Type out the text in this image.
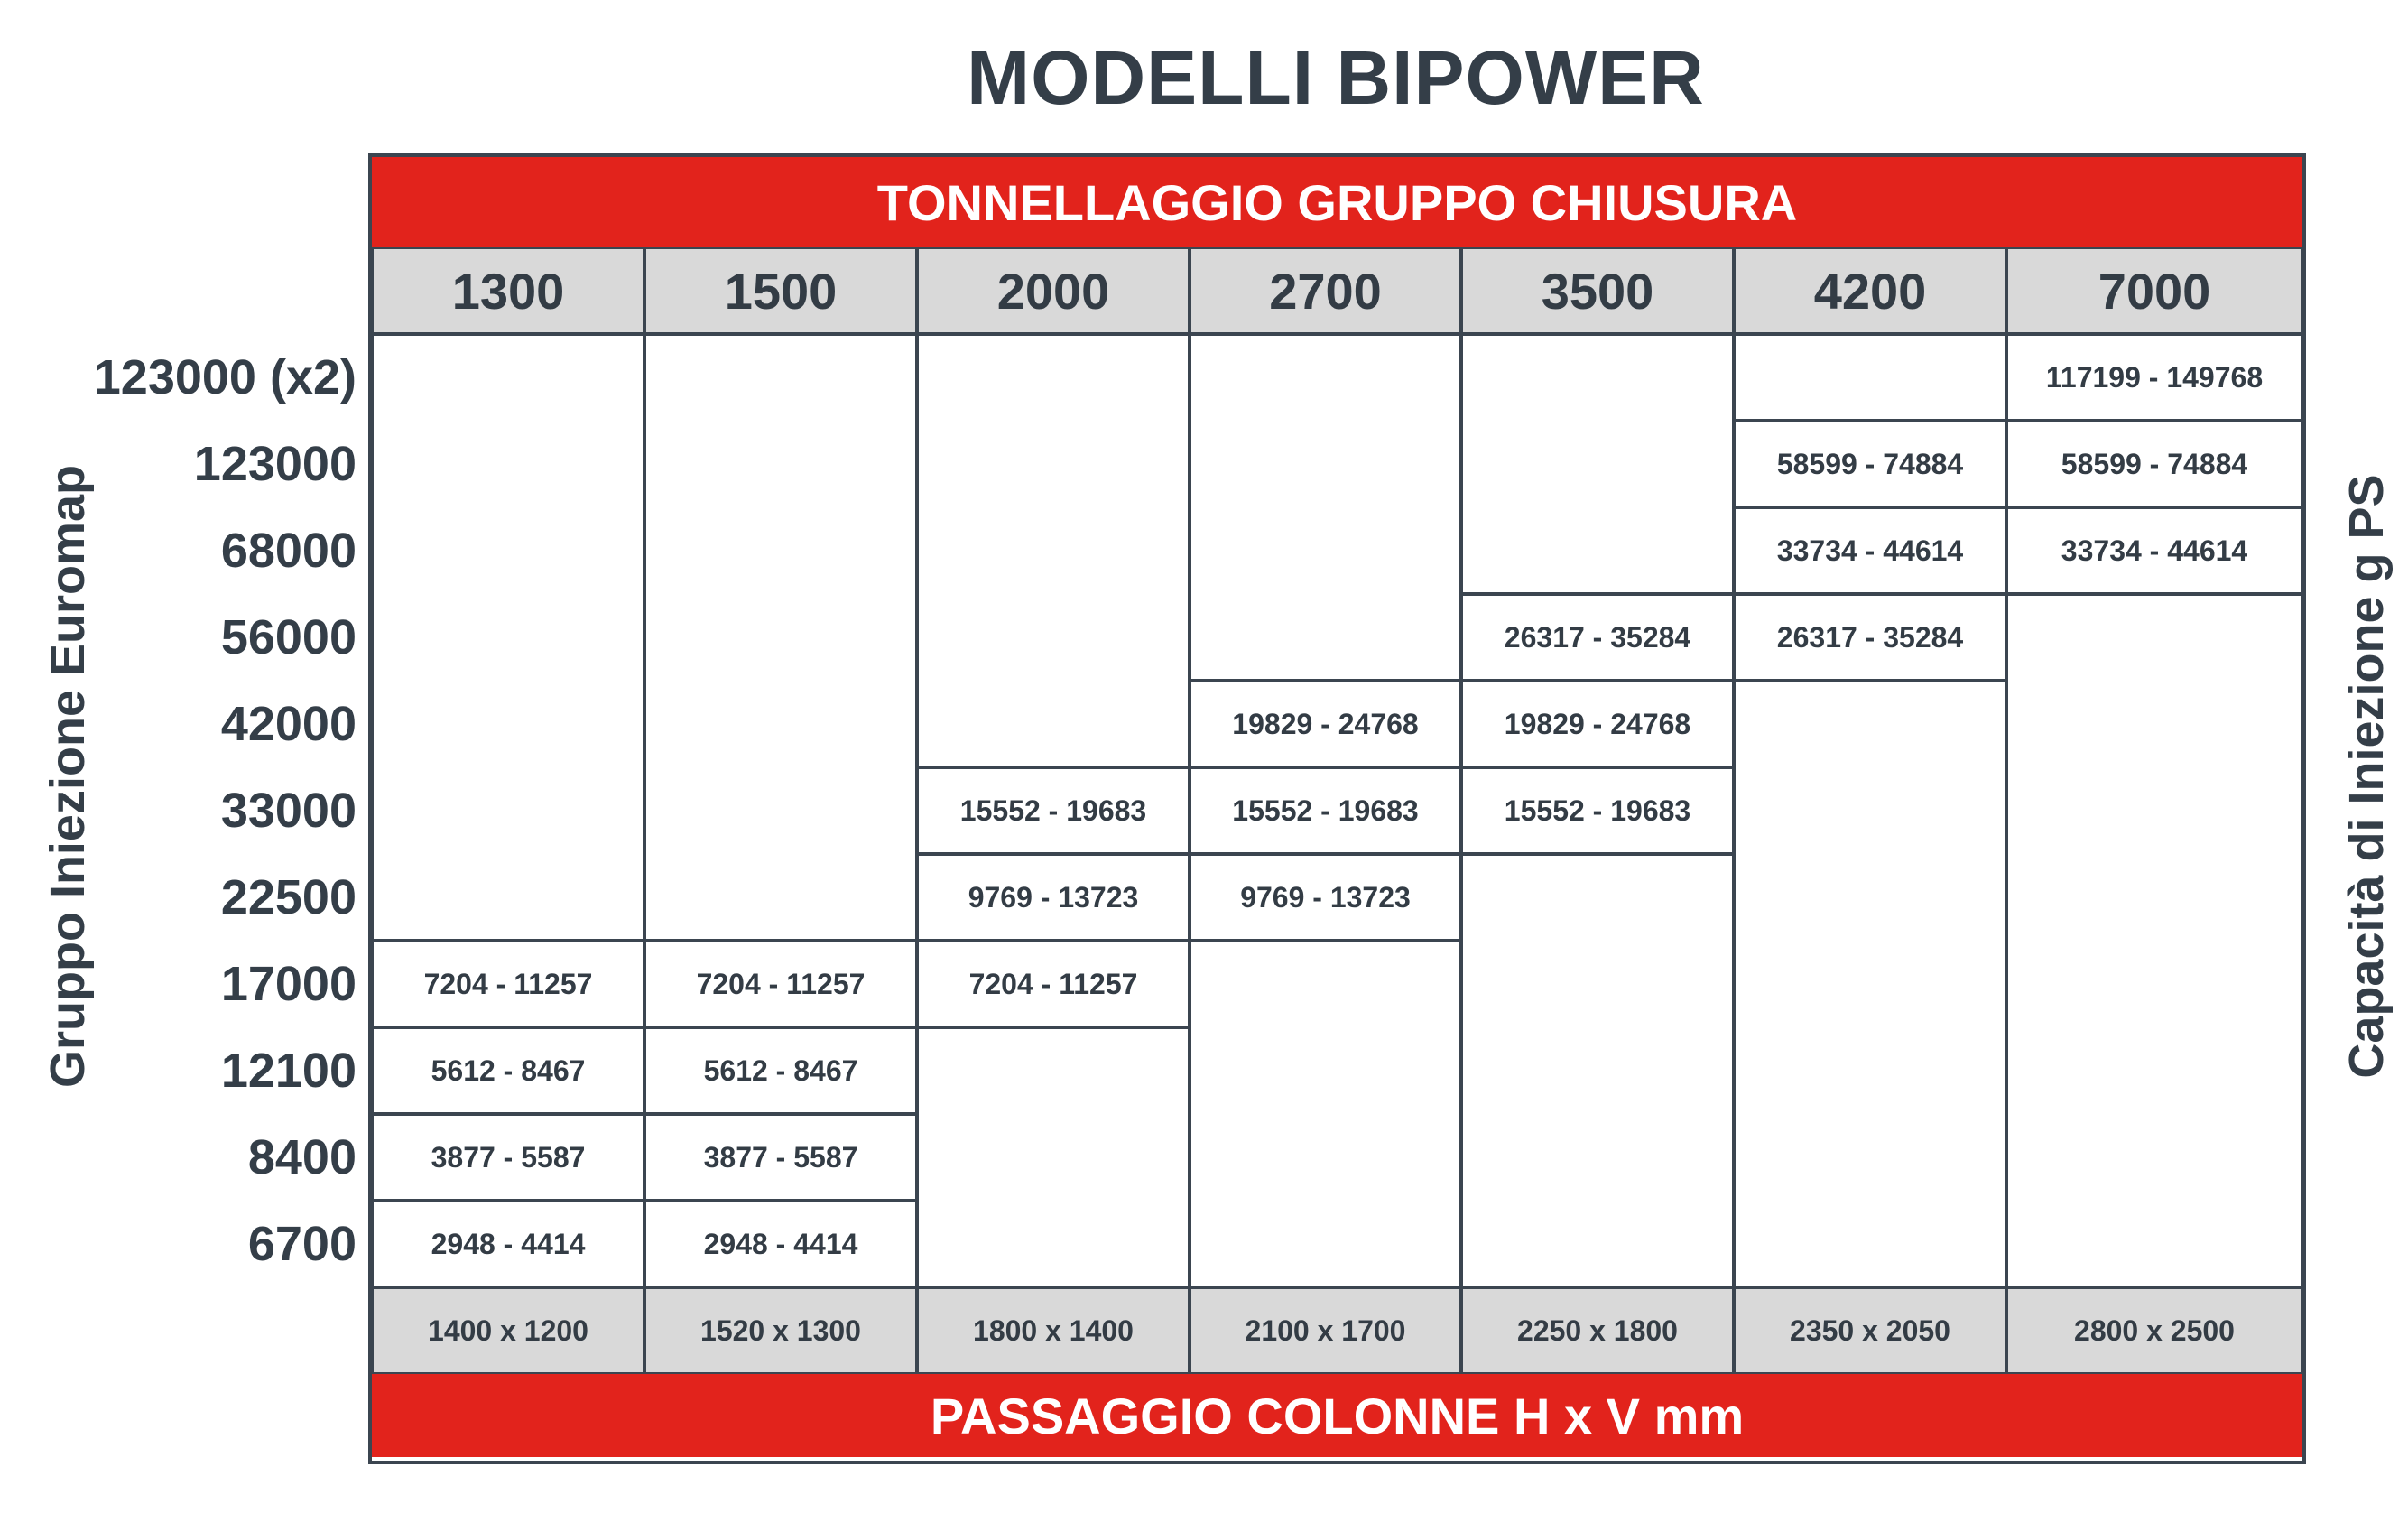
MODELLI BIPOWER
Gruppo Iniezione Euromap	Capacità di Iniezione g PS
123000 (x2)
123000
68000
56000
42000
33000
22500
17000
12100
8400
6700
TONNELLAGGIO GRUPPO CHIUSURA
1300
1400 x 1200
7204 - 11257
5612 - 8467
3877 - 5587
2948 - 4414
1500
1520 x 1300
7204 - 11257
5612 - 8467
3877 - 5587
2948 - 4414
2000
1800 x 1400
15552 - 19683
9769 - 13723
7204 - 11257
2700
2100 x 1700
19829 - 24768
15552 - 19683
9769 - 13723
3500
2250 x 1800
26317 - 35284
19829 - 24768
15552 - 19683
4200
2350 x 2050
58599 - 74884
33734 - 44614
26317 - 35284
7000
2800 x 2500
117199 - 149768
58599 - 74884
33734 - 44614
PASSAGGIO COLONNE H x V mm
